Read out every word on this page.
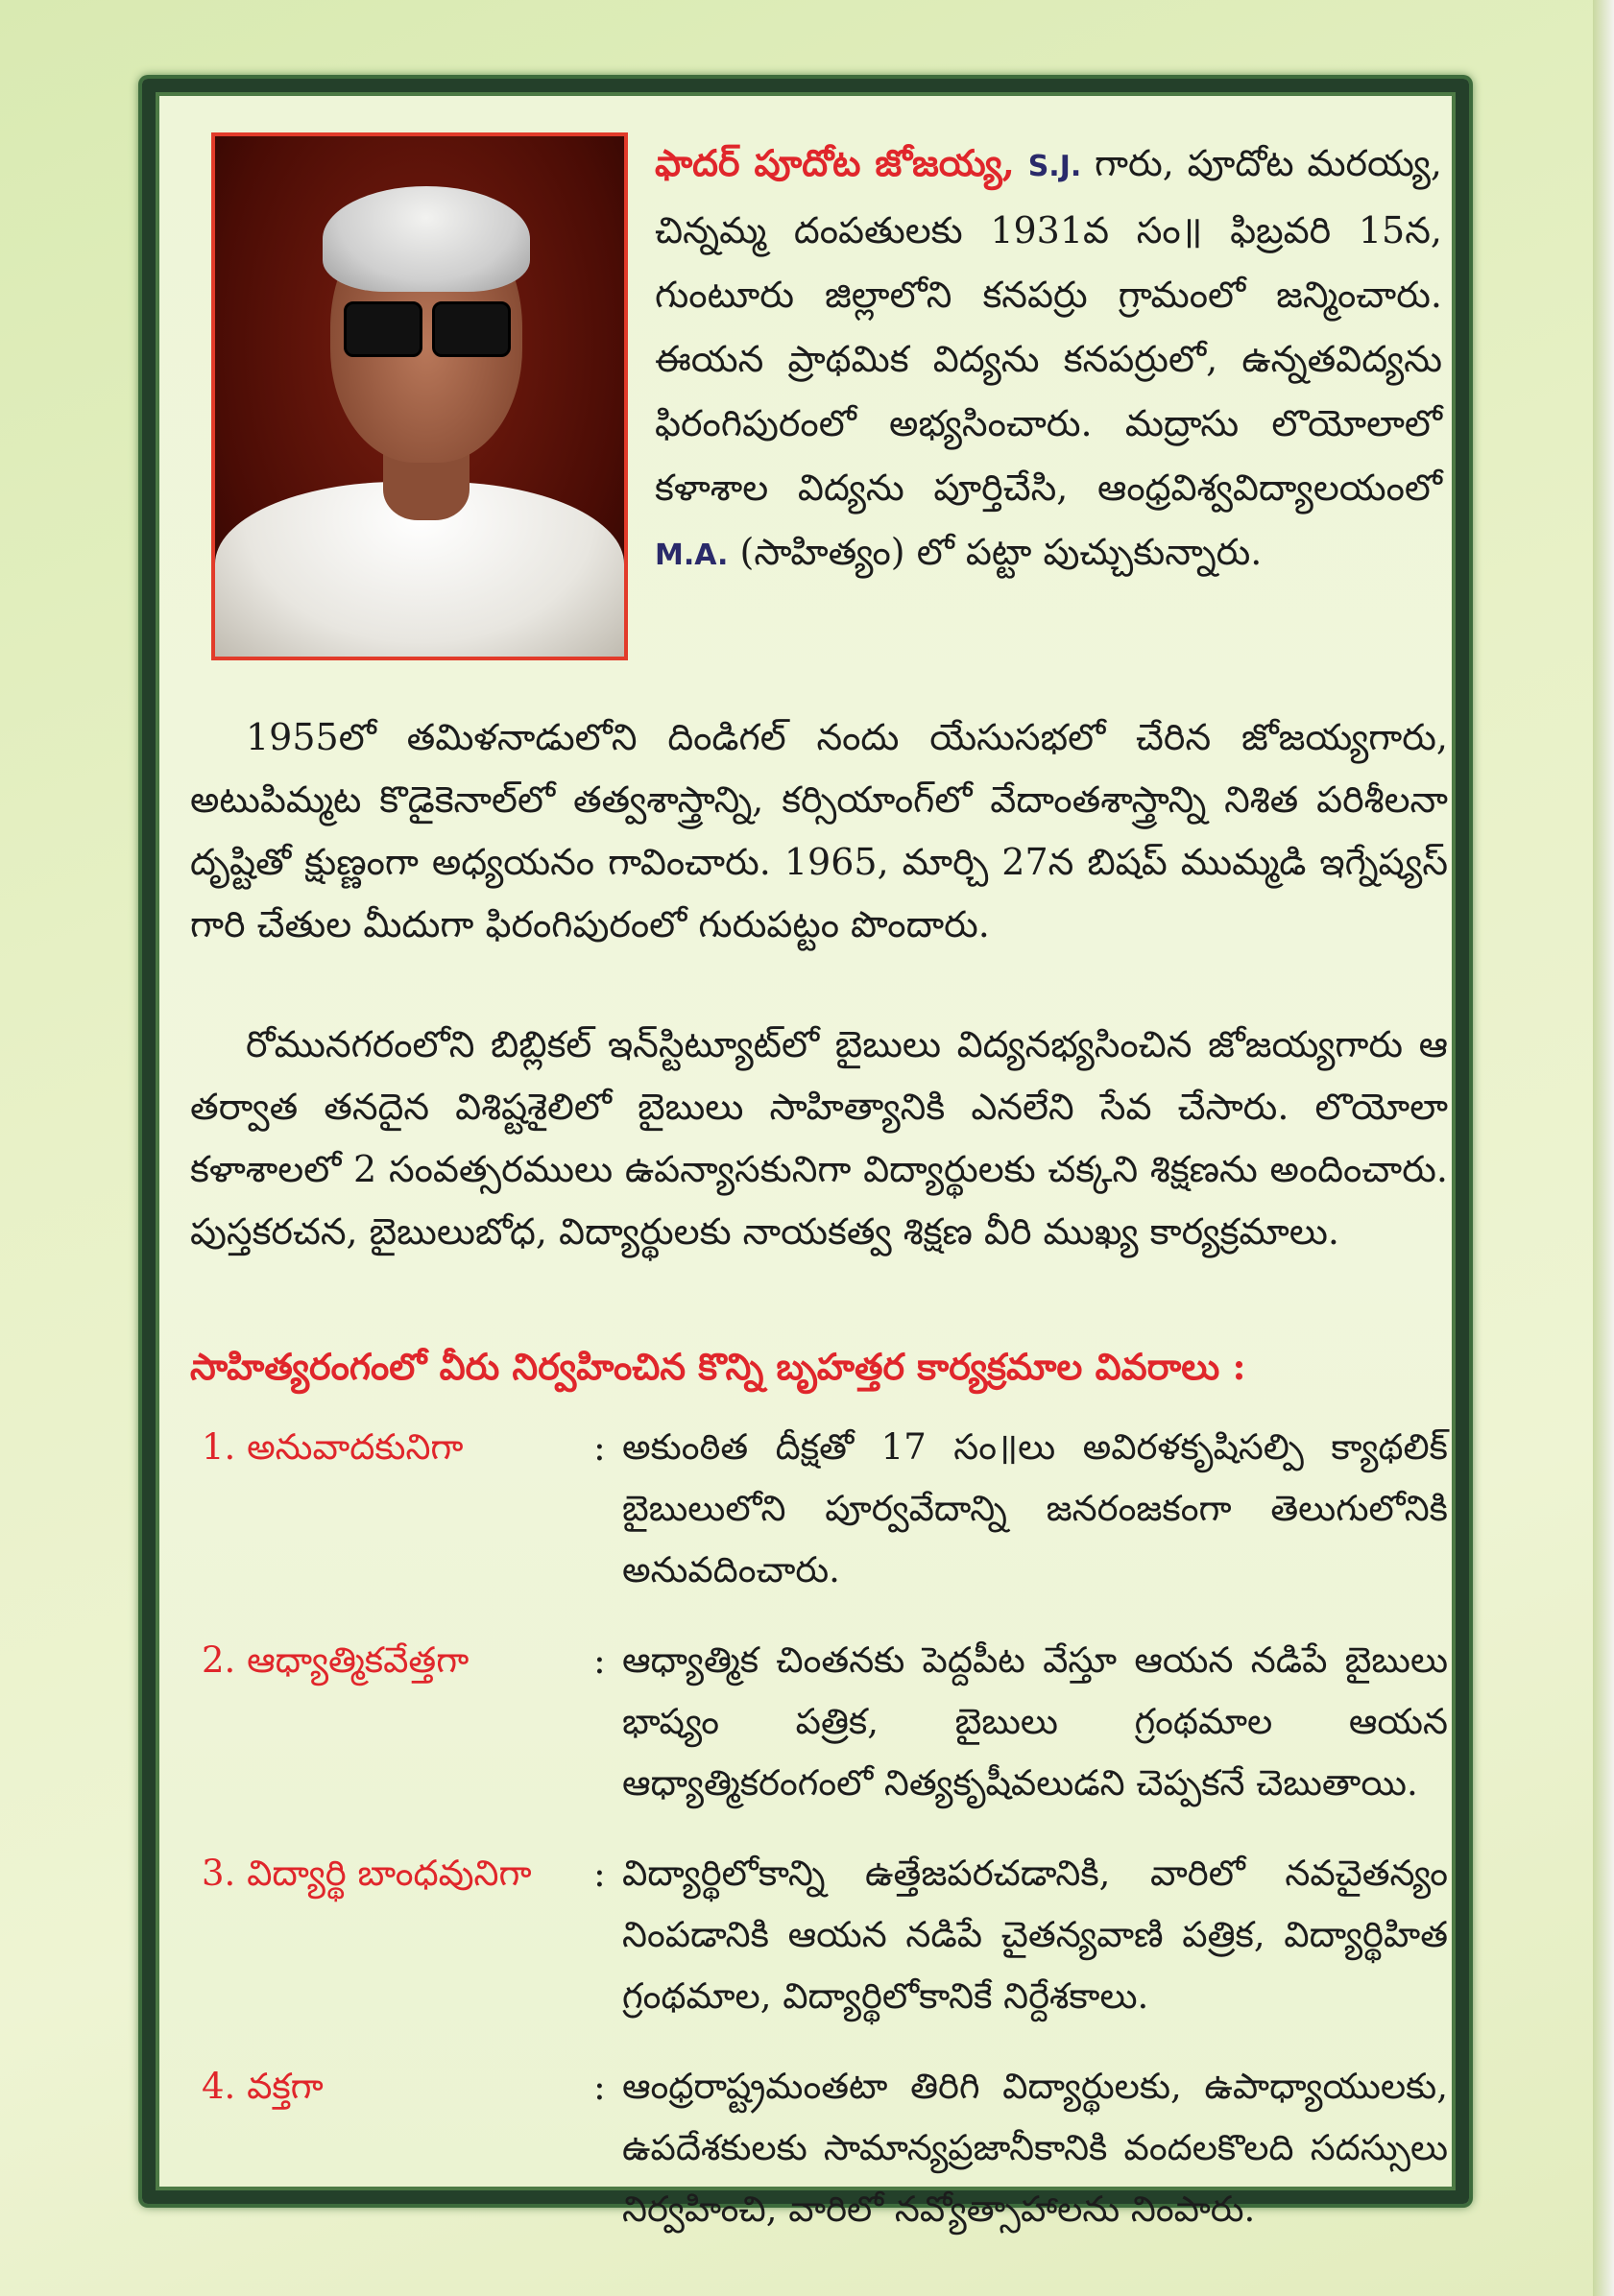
ఫాదర్ పూదోట జోజయ్య, S.J. గారు, పూదోట మరయ్య, చిన్నమ్మ దంపతులకు 1931వ సం॥ ఫిబ్రవరి 15న, గుంటూరు జిల్లాలోని కనపర్రు గ్రామంలో జన్మించారు. ఈయన ప్రాథమిక విద్యను కనపర్రులో, ఉన్నతవిద్యను ఫిరంగిపురంలో అభ్యసించారు. మద్రాసు లొయోలాలో కళాశాల విద్యను పూర్తిచేసి, ఆంధ్రవిశ్వవిద్యాలయంలో M.A. (సాహిత్యం) లో పట్టా పుచ్చుకున్నారు.
1955లో తమిళనాడులోని దిండిగల్ నందు యేసుసభలో చేరిన జోజయ్యగారు, అటుపిమ్మట కొడైకెనాల్‌లో తత్వశాస్త్రాన్ని, కర్సియాంగ్‌లో వేదాంతశాస్త్రాన్ని నిశిత పరిశీలనా దృష్టితో క్షుణ్ణంగా అధ్యయనం గావించారు. 1965, మార్చి 27న బిషప్ ముమ్మడి ఇగ్నేష్యస్ గారి చేతుల మీదుగా ఫిరంగిపురంలో గురుపట్టం పొందారు.
రోమునగరంలోని బిబ్లికల్ ఇన్‌స్టిట్యూట్‌లో బైబులు విద్యనభ్యసించిన జోజయ్యగారు ఆ తర్వాత తనదైన విశిష్టశైలిలో బైబులు సాహిత్యానికి ఎనలేని సేవ చేసారు. లొయోలా కళాశాలలో 2 సంవత్సరములు ఉపన్యాసకునిగా విద్యార్థులకు చక్కని శిక్షణను అందించారు. పుస్తకరచన, బైబులుబోధ, విద్యార్థులకు నాయకత్వ శిక్షణ వీరి ముఖ్య కార్యక్రమాలు.
సాహిత్యరంగంలో వీరు నిర్వహించిన కొన్ని బృహత్తర కార్యక్రమాల వివరాలు :
1. అనువాదకునిగా	: అకుంఠిత దీక్షతో 17 సం॥లు అవిరళకృషిసల్పి క్యాథలిక్ బైబులులోని పూర్వవేదాన్ని జనరంజకంగా తెలుగులోనికి అనువదించారు.
2. ఆధ్యాత్మికవేత్తగా	: ఆధ్యాత్మిక చింతనకు పెద్దపీట వేస్తూ ఆయన నడిపే బైబులు భాష్యం పత్రిక, బైబులు గ్రంథమాల ఆయన ఆధ్యాత్మికరంగంలో నిత్యకృషీవలుడని చెప్పకనే చెబుతాయి.
3. విద్యార్థి బాంధవునిగా	: విద్యార్థిలోకాన్ని ఉత్తేజపరచడానికి, వారిలో నవచైతన్యం నింపడానికి ఆయన నడిపే చైతన్యవాణి పత్రిక, విద్యార్థిహిత గ్రంథమాల, విద్యార్థిలోకానికే నిర్దేశకాలు.
4. వక్తగా	: ఆంధ్రరాష్ట్రమంతటా తిరిగి విద్యార్థులకు, ఉపాధ్యాయులకు, ఉపదేశకులకు సామాన్యప్రజానీకానికి వందలకొలది సదస్సులు నిర్వహించి, వారిలో నవ్యోత్సాహాలను నింపారు.
